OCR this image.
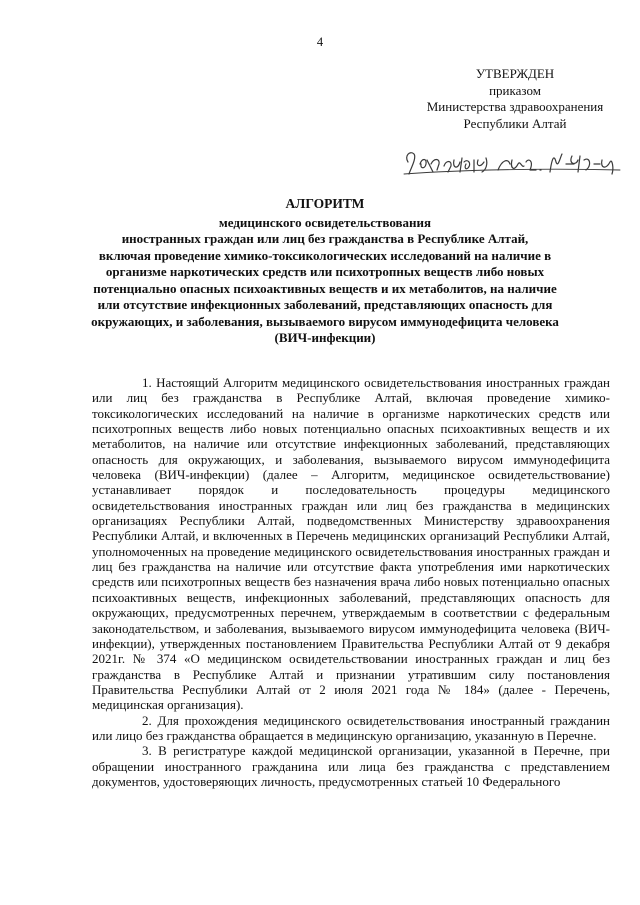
4
УТВЕРЖДЕН
приказом
Министерства здравоохранения
Республики Алтай
АЛГОРИТМ
медицинского освидетельствования
иностранных граждан или лиц без гражданства в Республике Алтай,
включая проведение химико-токсикологических исследований на наличие в
организме наркотических средств или психотропных веществ либо новых
потенциально опасных психоактивных веществ и их метаболитов, на наличие
или отсутствие инфекционных заболеваний, представляющих опасность для
окружающих, и заболевания, вызываемого вирусом иммунодефицита человека
(ВИЧ-инфекции)

1. Настоящий Алгоритм медицинского освидетельствования иностранных граждан или лиц без гражданства в Республике Алтай, включая проведение химико-токсикологических исследований на наличие в организме наркотических средств или психотропных веществ либо новых потенциально опасных психоактивных веществ и их метаболитов, на наличие или отсутствие инфекционных заболеваний, представляющих опасность для окружающих, и заболевания, вызываемого вирусом иммунодефицита человека (ВИЧ-инфекции) (далее – Алгоритм, медицинское освидетельствование) устанавливает порядок и последовательность процедуры медицинского освидетельствования иностранных граждан или лиц без гражданства в медицинских организациях Республики Алтай, подведомственных Министерству здравоохранения Республики Алтай, и включенных в Перечень медицинских организаций Республики Алтай, уполномоченных на проведение медицинского освидетельствования иностранных граждан и лиц без гражданства на наличие или отсутствие факта употребления ими наркотических средств или психотропных веществ без назначения врача либо новых потенциально опасных психоактивных веществ, инфекционных заболеваний, представляющих опасность для окружающих, предусмотренных перечнем, утверждаемым в соответствии с федеральным законодательством, и заболевания, вызываемого вирусом иммунодефицита человека (ВИЧ-инфекции), утвержденных постановлением Правительства Республики Алтай от 9 декабря 2021г. № 374 «О медицинском освидетельствовании иностранных граждан и лиц без гражданства в Республике Алтай и признании утратившим силу постановления Правительства Республики Алтай от 2 июля 2021 года № 184» (далее - Перечень, медицинская организация).

2. Для прохождения медицинского освидетельствования иностранный гражданин или лицо без гражданства обращается в медицинскую организацию, указанную в Перечне.

3. В регистратуре каждой медицинской организации, указанной в Перечне, при обращении иностранного гражданина или лица без гражданства с представлением документов, удостоверяющих личность, предусмотренных статьей 10 Федерального
